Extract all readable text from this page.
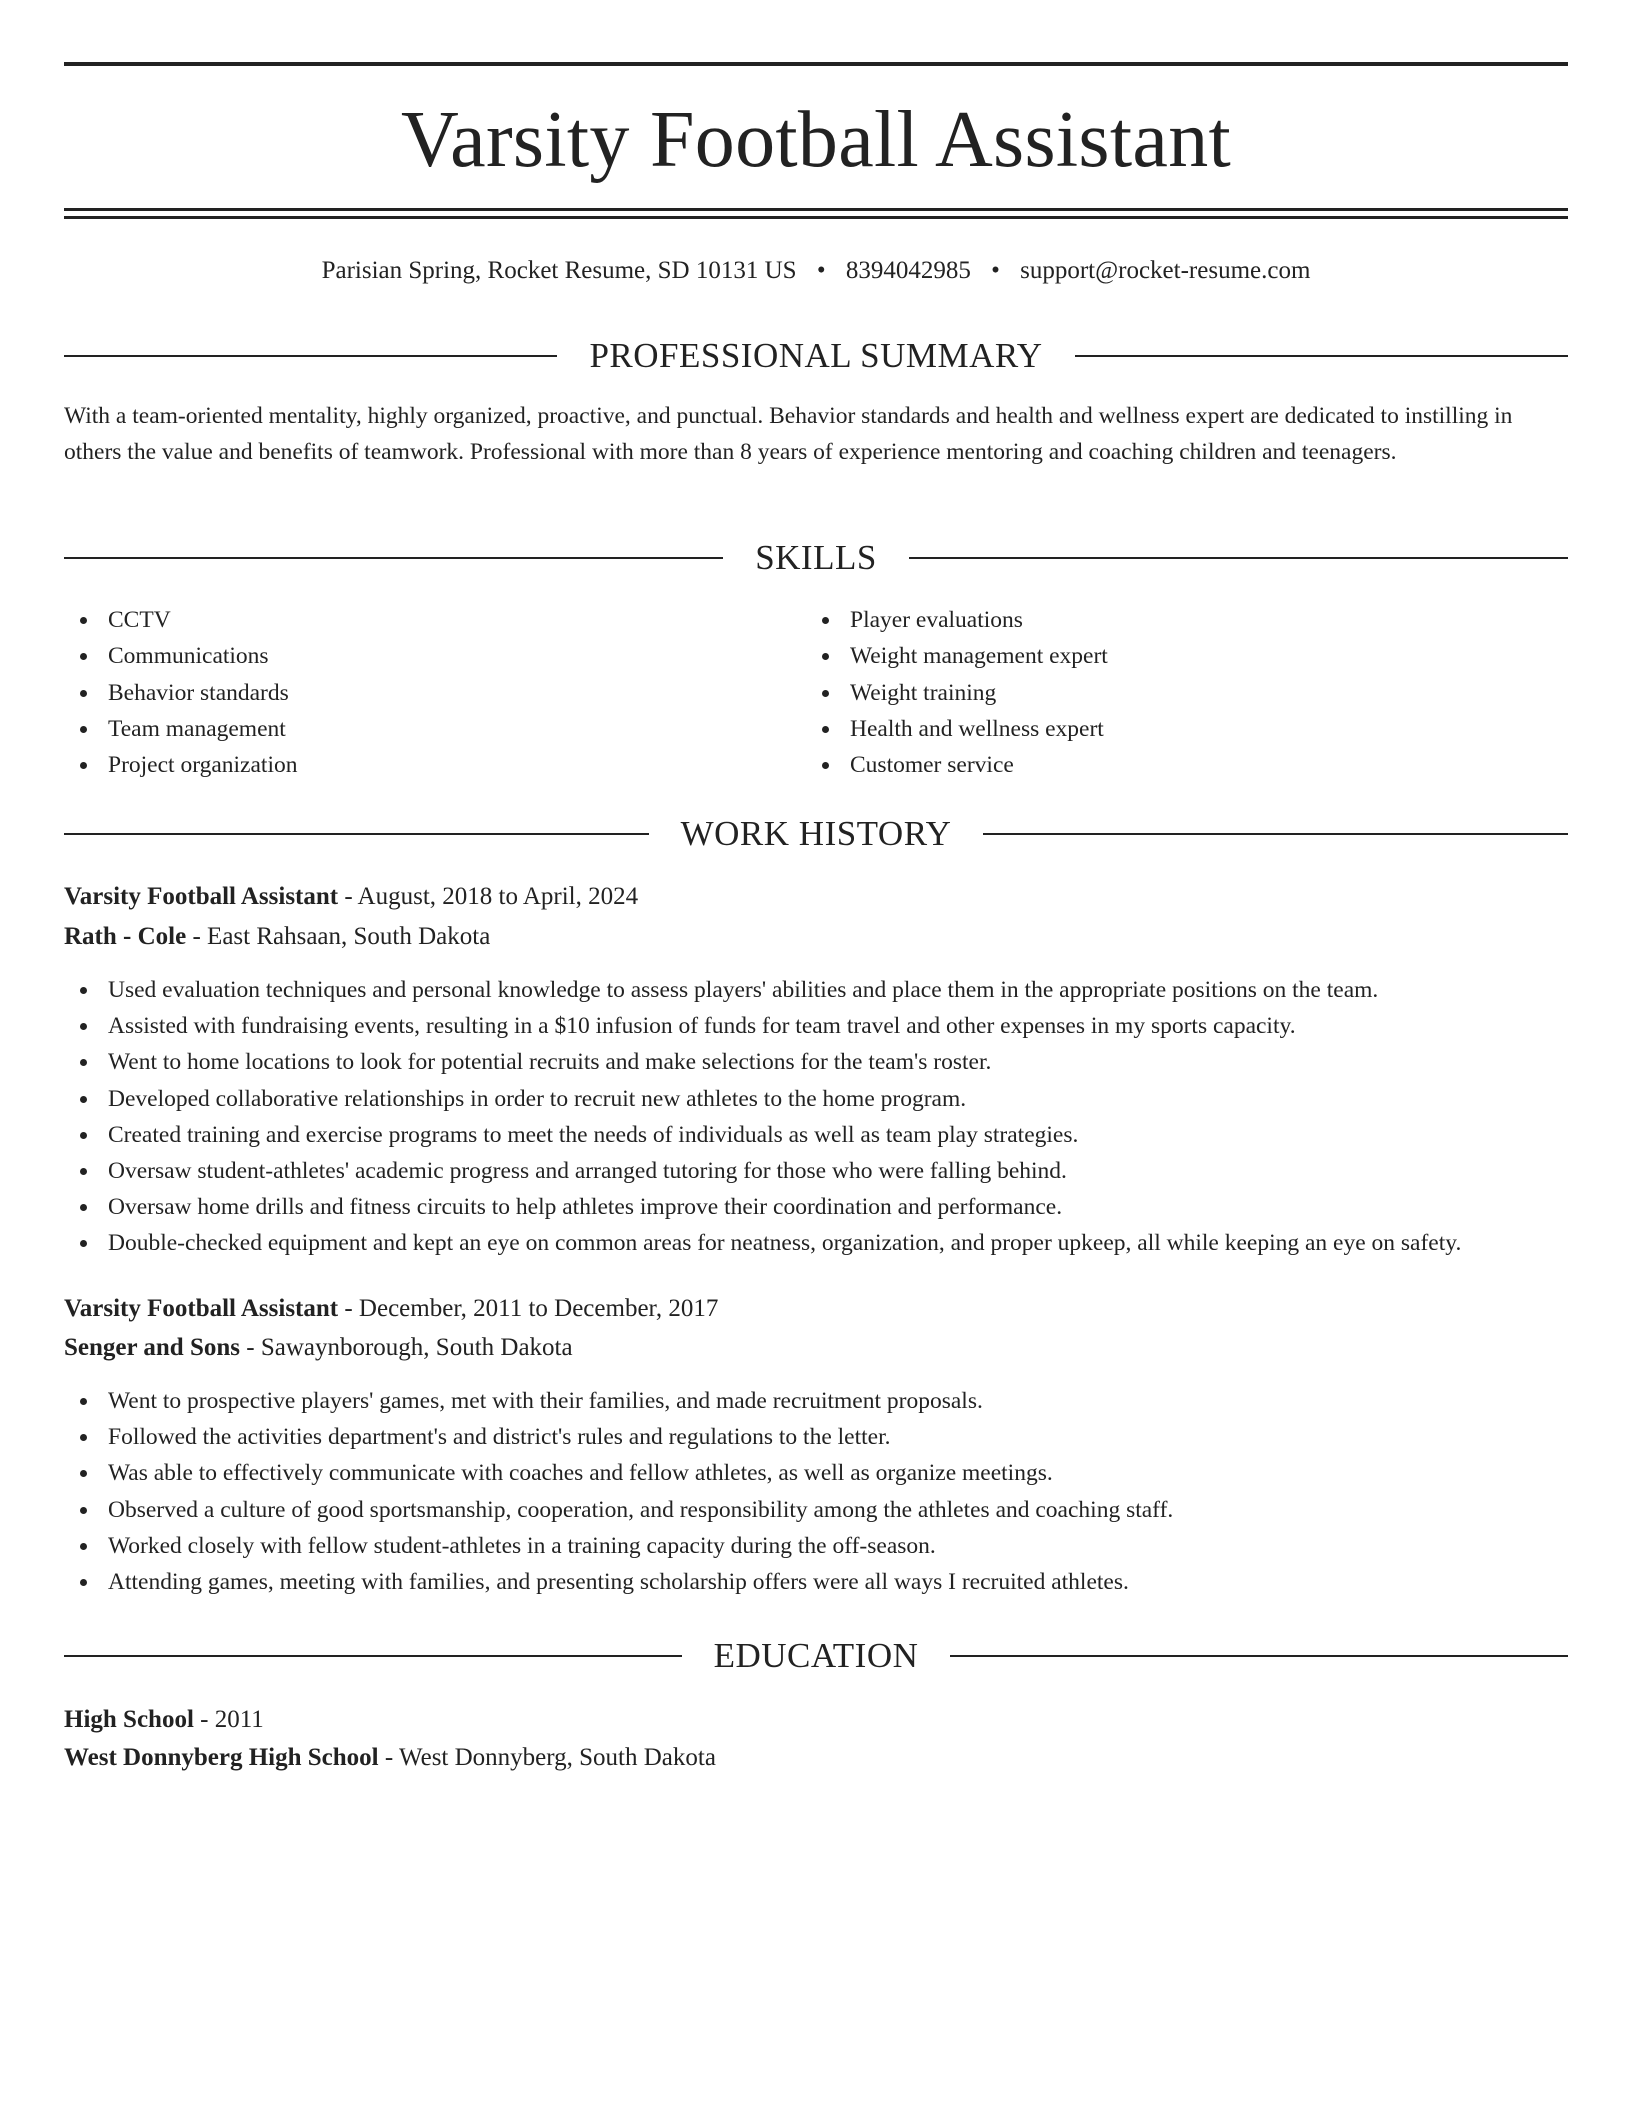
Varsity Football Assistant
Parisian Spring, Rocket Resume, SD 10131 US • 8394042985 • support@rocket-resume.com
PROFESSIONAL SUMMARY

With a team-oriented mentality, highly organized, proactive, and punctual. Behavior standards and health and wellness expert are dedicated to instilling in others the value and benefits of teamwork. Professional with more than 8 years of experience mentoring and coaching children and teenagers.

SKILLS
CCTV
Communications
Behavior standards
Team management
Project organization
Player evaluations
Weight management expert
Weight training
Health and wellness expert
Customer service
WORK HISTORY

Varsity Football Assistant - August, 2018 to April, 2024

Rath - Cole - East Rahsaan, South Dakota

Used evaluation techniques and personal knowledge to assess players' abilities and place them in the appropriate positions on the team.
Assisted with fundraising events, resulting in a $10 infusion of funds for team travel and other expenses in my sports capacity.
Went to home locations to look for potential recruits and make selections for the team's roster.
Developed collaborative relationships in order to recruit new athletes to the home program.
Created training and exercise programs to meet the needs of individuals as well as team play strategies.
Oversaw student-athletes' academic progress and arranged tutoring for those who were falling behind.
Oversaw home drills and fitness circuits to help athletes improve their coordination and performance.
Double-checked equipment and kept an eye on common areas for neatness, organization, and proper upkeep, all while keeping an eye on safety.

Varsity Football Assistant - December, 2011 to December, 2017

Senger and Sons - Sawaynborough, South Dakota

Went to prospective players' games, met with their families, and made recruitment proposals.
Followed the activities department's and district's rules and regulations to the letter.
Was able to effectively communicate with coaches and fellow athletes, as well as organize meetings.
Observed a culture of good sportsmanship, cooperation, and responsibility among the athletes and coaching staff.
Worked closely with fellow student-athletes in a training capacity during the off-season.
Attending games, meeting with families, and presenting scholarship offers were all ways I recruited athletes.
EDUCATION

High School - 2011

West Donnyberg High School - West Donnyberg, South Dakota
